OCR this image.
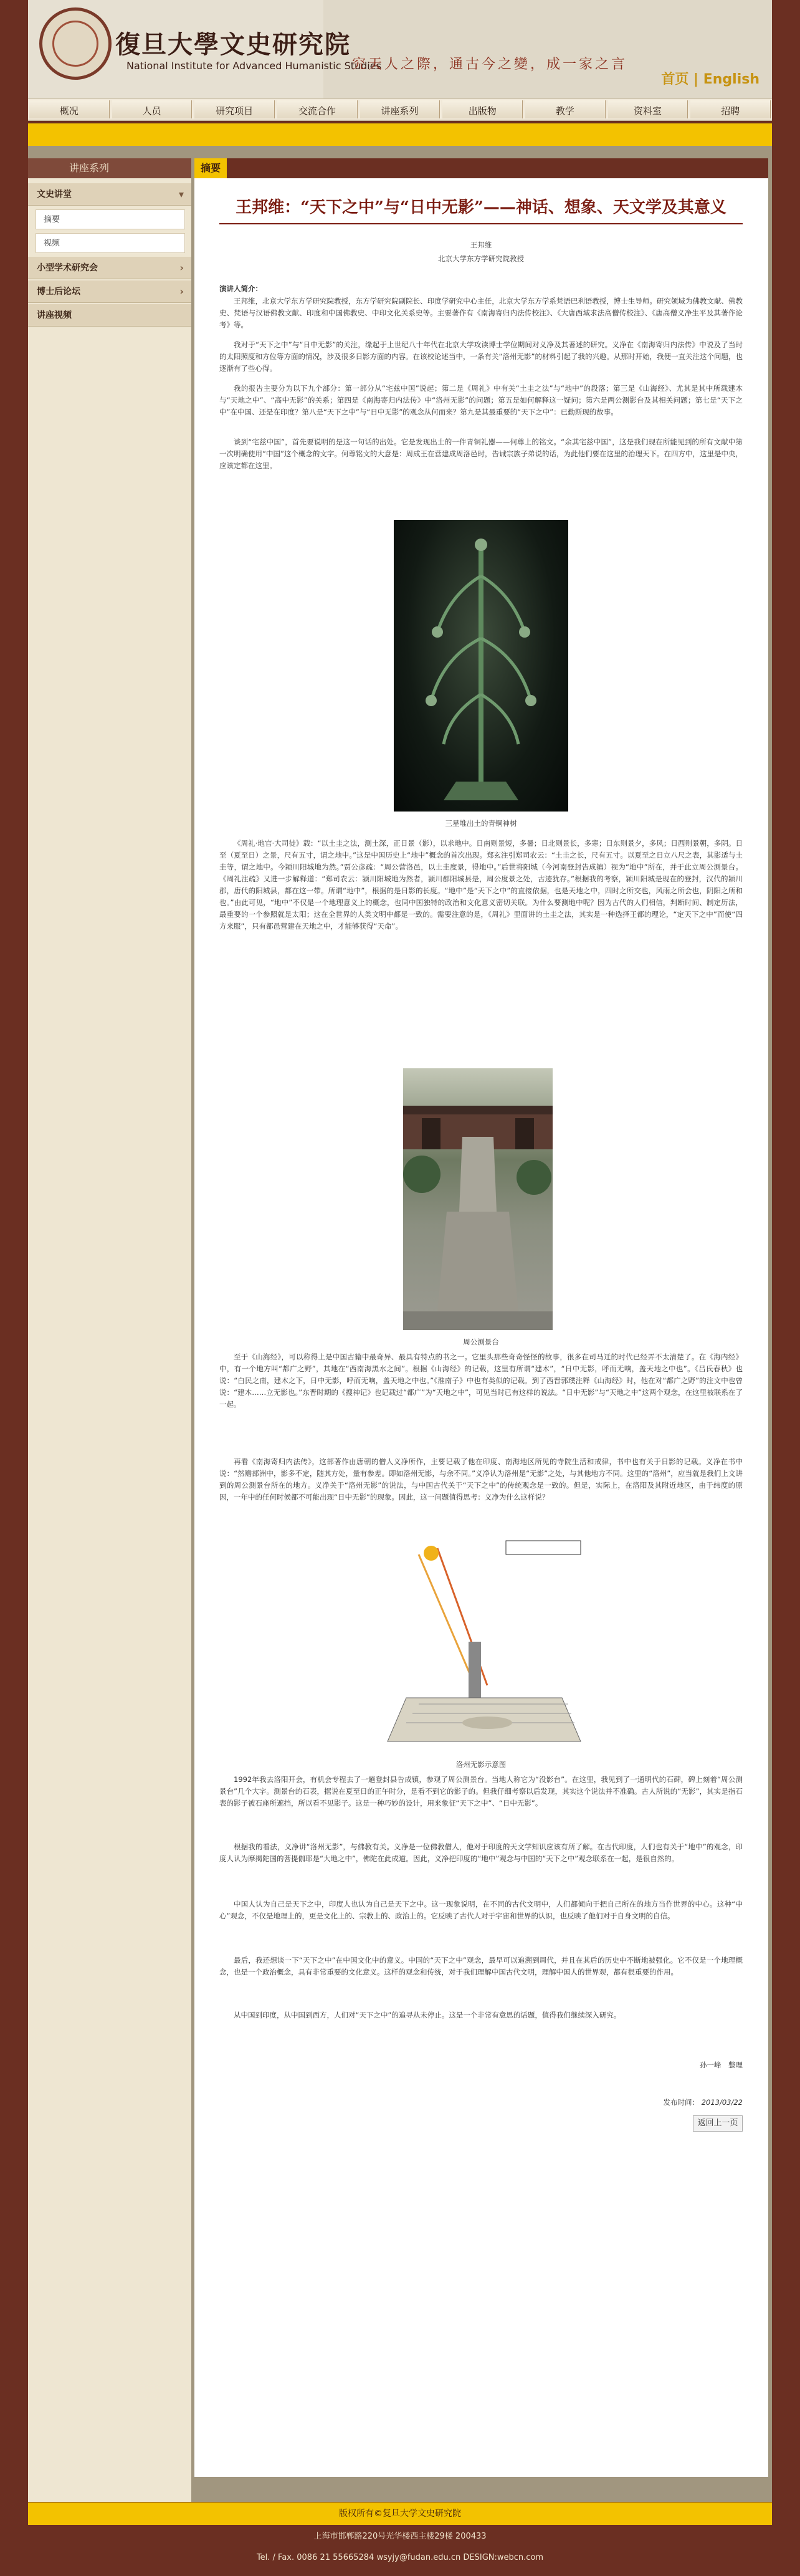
復旦大學文史研究院
National Institute for Advanced Humanistic Studies
究天人之際，通古今之變，成一家之言
首页 | English
概况	人员	研究项目	交流合作	讲座系列	出版物	教学	资料室	招聘
讲座系列
文史讲堂	▾
摘要
视频
小型学术研究会	›
博士后论坛	›
讲座视频
摘要
王邦维：“天下之中”与“日中无影”——神话、想象、天文学及其意义
王邦维
北京大学东方学研究院教授
演讲人简介：
王邦维，北京大学东方学研究院教授，东方学研究院副院长、印度学研究中心主任，北京大学东方学系梵语巴利语教授，博士生导师。研究领域为佛教文献、佛教史、梵语与汉语佛教文献、印度和中国佛教史、中印文化关系史等。主要著作有《南海寄归内法传校注》、《大唐西域求法高僧传校注》、《唐高僧义净生平及其著作论考》等。
我对于“天下之中”与“日中无影”的关注，缘起于上世纪八十年代在北京大学攻读博士学位期间对义净及其著述的研究。义净在《南海寄归内法传》中说及了当时的太阳照度和方位等方面的情况，涉及很多日影方面的内容。在该校论述当中，一条有关“洛州无影”的材料引起了我的兴趣。从那时开始，我便一直关注这个问题，也逐渐有了些心得。
我的报告主要分为以下九个部分：第一部分从“宅兹中国”说起；第二是《周礼》中有关“土圭之法”与“地中”的段落；第三是《山海经》、尤其是其中所载建木与“天地之中”、“高中无影”的关系；第四是《南海寄归内法传》中“洛州无影”的问题；第五是如何解释这一疑问；第六是两公测影台及其相关问题；第七是“天下之中”在中国、还是在印度？第八是“天下之中”与“日中无影”的观念从何而来？第九是其最重要的“天下之中”：已勤斯现的故事。
谈到“宅兹中国”，首先要说明的是这一句话的出处。它是发现出土的一件青铜礼器——何尊上的铭文。“余其宅兹中国”，这是我们现在所能见到的所有文献中第一次明确使用“中国”这个概念的文字。何尊铭文的大意是：周成王在营建成周洛邑时，告诫宗族子弟说的话，为此他们要在这里的治理天下。在四方中，这里是中央，应该定都在这里。
三星堆出土的青铜神树
《周礼·地官·大司徒》载：“以土圭之法，测土深，正日景（影），以求地中。日南则景短，多暑；日北则景长，多寒；日东则景夕，多风；日西则景朝，多阴。日至（夏至日）之景，尺有五寸，谓之地中。”这是中国历史上“地中”概念的首次出现。郑玄注引郑司农云：“土圭之长，尺有五寸。以夏至之日立八尺之表，其影适与土圭等，谓之地中。今颍川阳城地为然。”贾公彦疏：“周公营洛邑，以土圭度景，得地中。”后世将阳城（今河南登封告成镇）视为“地中”所在，并于此立周公测景台。《周礼注疏》又进一步解释道：“郑司农云：颍川阳城地为然者，颍川郡阳城县是，周公度景之处，古迹犹存。”根据我的考察，颍川阳城是现在的登封，汉代的颍川郡，唐代的阳城县，都在这一带。所谓“地中”，根据的是日影的长度。“地中”是“天下之中”的直接依据，也是天地之中，四时之所交也，风雨之所会也，阴阳之所和也。”由此可见，“地中”不仅是一个地理意义上的概念，也同中国独特的政治和文化意义密切关联。为什么要测地中呢？因为古代的人们相信，判断时间、制定历法，最重要的一个参照就是太阳；这在全世界的人类文明中都是一致的。需要注意的是，《周礼》里面讲的土圭之法，其实是一种选择王都的理论，“定天下之中”而使“四方来服”，只有都邑营建在天地之中，才能够获得“天命”。
周公测景台
至于《山海经》，可以称得上是中国古籍中最奇异、最具有特点的书之一。它里头那些奇奇怪怪的故事，很多在司马迁的时代已经弄不太清楚了。在《海内经》中，有一个地方叫“都广之野”，其地在“西南海黑水之间”。根据《山海经》的记载，这里有所谓“建木”，“日中无影，呼而无响，盖天地之中也”。《吕氏春秋》也说：“白民之南，建木之下，日中无影，呼而无响，盖天地之中也。”《淮南子》中也有类似的记载。到了西晋郭璞注释《山海经》时，他在对“都广之野”的注文中也曾说：“建木……立无影也。”东晋时期的《搜神记》也记载过“都广”为“天地之中”，可见当时已有这样的说法。“日中无影”与“天地之中”这两个观念，在这里被联系在了一起。
再看《南海寄归内法传》，这部著作由唐朝的僧人义净所作，主要记载了他在印度、南海地区所见的寺院生活和戒律，书中也有关于日影的记载。义净在书中说：“然赡部洲中，影多不定，随其方处，量有参差。即如洛州无影，与余不同。”义净认为洛州是“无影”之处，与其他地方不同。这里的“洛州”，应当就是我们上文讲到的周公测景台所在的地方。义净关于“洛州无影”的说法，与中国古代关于“天下之中”的传统观念是一致的。但是，实际上，在洛阳及其附近地区，由于纬度的原因，一年中的任何时候都不可能出现“日中无影”的现象。因此，这一问题值得思考：义净为什么这样说？
洛州无影示意图
1992年我去洛阳开会，有机会专程去了一趟登封县告成镇，参观了周公测景台。当地人称它为“没影台”。在这里，我见到了一通明代的石碑，碑上刻着“周公测景台”几个大字。测景台的石表，据说在夏至日的正午时分，是看不到它的影子的。但我仔细考察以后发现，其实这个说法并不准确。古人所说的“无影”，其实是指石表的影子被石座所遮挡，所以看不见影子。这是一种巧妙的设计，用来象征“天下之中”、“日中无影”。
根据我的看法，义净讲“洛州无影”，与佛教有关。义净是一位佛教僧人，他对于印度的天文学知识应该有所了解。在古代印度，人们也有关于“地中”的观念，印度人认为摩揭陀国的菩提伽耶是“大地之中”，佛陀在此成道。因此，义净把印度的“地中”观念与中国的“天下之中”观念联系在一起，是很自然的。
中国人认为自己是天下之中，印度人也认为自己是天下之中。这一现象说明，在不同的古代文明中，人们都倾向于把自己所在的地方当作世界的中心。这种“中心”观念，不仅是地理上的，更是文化上的、宗教上的、政治上的。它反映了古代人对于宇宙和世界的认识，也反映了他们对于自身文明的自信。
最后，我还想谈一下“天下之中”在中国文化中的意义。中国的“天下之中”观念，最早可以追溯到周代，并且在其后的历史中不断地被强化。它不仅是一个地理概念，也是一个政治概念，具有非常重要的文化意义。这样的观念和传统，对于我们理解中国古代文明，理解中国人的世界观，都有很重要的作用。
从中国到印度，从中国到西方，人们对“天下之中”的追寻从未停止。这是一个非常有意思的话题，值得我们继续深入研究。
孙一峰　整理
发布时间： 2013/03/22
返回上一页
版权所有©复旦大学文史研究院
上海市邯郸路220号光华楼西主楼29楼 200433
Tel. / Fax. 0086 21 55665284 wsyjy@fudan.edu.cn DESIGN:webcn.com
